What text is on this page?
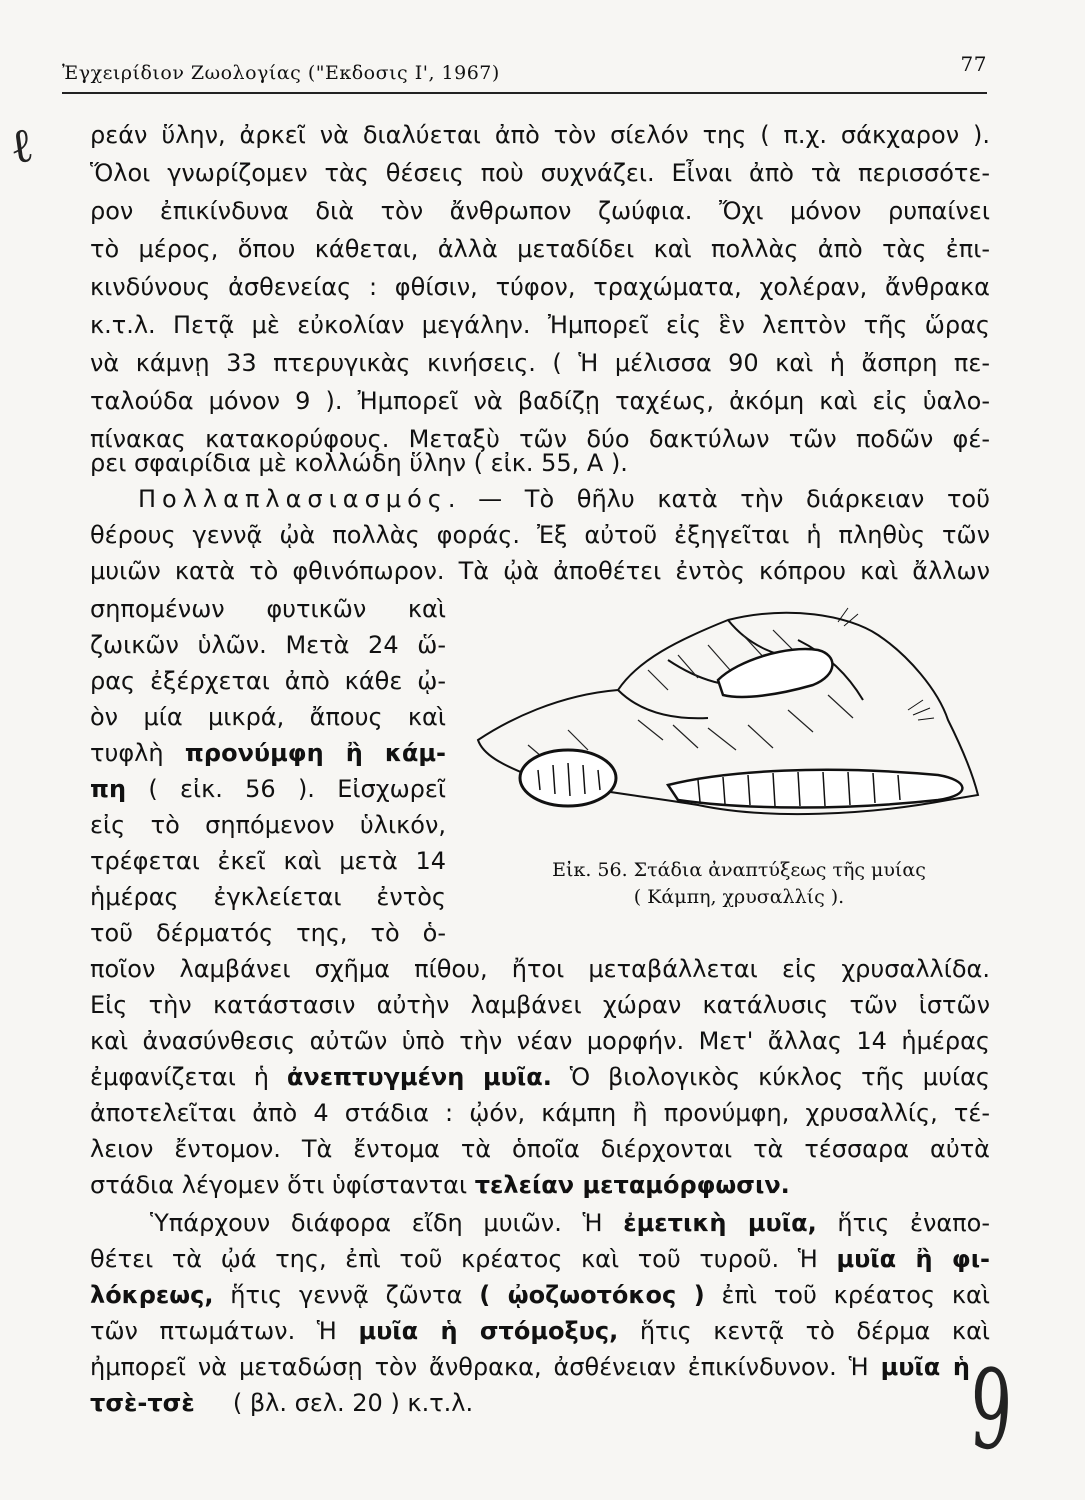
Ἐγχειρίδιον Ζωολογίας ("Εκδοσις Ι', 1967)	77
ℓ
9
ρεάν ὕλην, ἀρκεῖ νὰ διαλύεται ἀπὸ τὸν σίελόν της ( π.χ. σάκχαρον ).
Ὅλοι γνωρίζομεν τὰς θέσεις ποὺ συχνάζει. Εἶναι ἀπὸ τὰ περισσότε-
ρον ἐπικίνδυνα διὰ τὸν ἄνθρωπον ζωύφια. Ὄχι μόνον ρυπαίνει
τὸ μέρος, ὅπου κάθεται, ἀλλὰ μεταδίδει καὶ πολλὰς ἀπὸ τὰς ἐπι-
κινδύνους ἀσθενείας : φθίσιν, τύφον, τραχώματα, χολέραν, ἄνθρακα
κ.τ.λ. Πετᾷ μὲ εὐκολίαν μεγάλην. Ἠμπορεῖ εἰς ἓν λεπτὸν τῆς ὥρας
νὰ κάμνῃ 33 πτερυγικὰς κινήσεις. ( Ἡ μέλισσα 90 καὶ ἡ ἄσπρη πε-
ταλούδα μόνον 9 ). Ἠμπορεῖ νὰ βαδίζῃ ταχέως, ἀκόμη καὶ εἰς ὑαλο-
πίνακας κατακορύφους. Μεταξὺ τῶν δύο δακτύλων τῶν ποδῶν φέ-
ρει σφαιρίδια μὲ κολλώδη ὕλην ( εἰκ. 55, Α ).
Πολλαπλασιασμός. — Τὸ θῆλυ κατὰ τὴν διάρκειαν τοῦ
θέρους γεννᾷ ᾠὰ πολλὰς φοράς. Ἐξ αὐτοῦ ἐξηγεῖται ἡ πληθὺς τῶν
μυιῶν κατὰ τὸ φθινόπωρον. Τὰ ᾠὰ ἀποθέτει ἐντὸς κόπρου καὶ ἄλλων
σηπομένων φυτικῶν καὶ
ζωικῶν ὑλῶν. Μετὰ 24 ὥ-
ρας ἐξέρχεται ἀπὸ κάθε ᾠ-
ὸν μία μικρά, ἄπους καὶ
τυφλὴ προνύμφη ἢ κάμ-
πη ( εἰκ. 56 ). Εἰσχωρεῖ
εἰς τὸ σηπόμενον ὑλικόν,
τρέφεται ἐκεῖ καὶ μετὰ 14
ἡμέρας ἐγκλείεται ἐντὸς
τοῦ δέρματός της, τὸ ὁ-
Εἰκ. 56. Στάδια ἀναπτύξεως τῆς μυίας
( Κάμπη, χρυσαλλίς ).
ποῖον λαμβάνει σχῆμα πίθου, ἤτοι μεταβάλλεται εἰς χρυσαλλίδα.
Εἰς τὴν κατάστασιν αὐτὴν λαμβάνει χώραν κατάλυσις τῶν ἱστῶν
καὶ ἀνασύνθεσις αὐτῶν ὑπὸ τὴν νέαν μορφήν. Μετ' ἄλλας 14 ἡμέρας
ἐμφανίζεται ἡ ἀνεπτυγμένη μυῖα. Ὁ βιολογικὸς κύκλος τῆς μυίας
ἀποτελεῖται ἀπὸ 4 στάδια : ᾠόν, κάμπη ἢ προνύμφη, χρυσαλλίς, τέ-
λειον ἔντομον. Τὰ ἔντομα τὰ ὁποῖα διέρχονται τὰ τέσσαρα αὐτὰ
στάδια λέγομεν ὅτι ὑφίστανται τελείαν μεταμόρφωσιν.
Ὑπάρχουν διάφορα εἴδη μυιῶν. Ἡ ἐμετικὴ μυῖα, ἥτις ἐναπο-
θέτει τὰ ᾠά της, ἐπὶ τοῦ κρέατος καὶ τοῦ τυροῦ. Ἡ μυῖα ἢ φι-
λόκρεως, ἥτις γεννᾷ ζῶντα ( ᾠοζωοτόκος ) ἐπὶ τοῦ κρέατος καὶ
τῶν πτωμάτων. Ἡ μυῖα ἡ στόμοξυς, ἥτις κεντᾷ τὸ δέρμα καὶ
ἠμπορεῖ νὰ μεταδώσῃ τὸν ἄνθρακα, ἀσθένειαν ἐπικίνδυνον. Ἡ μυῖα ἡ
τσὲ-τσὲ ( βλ. σελ. 20 ) κ.τ.λ.
